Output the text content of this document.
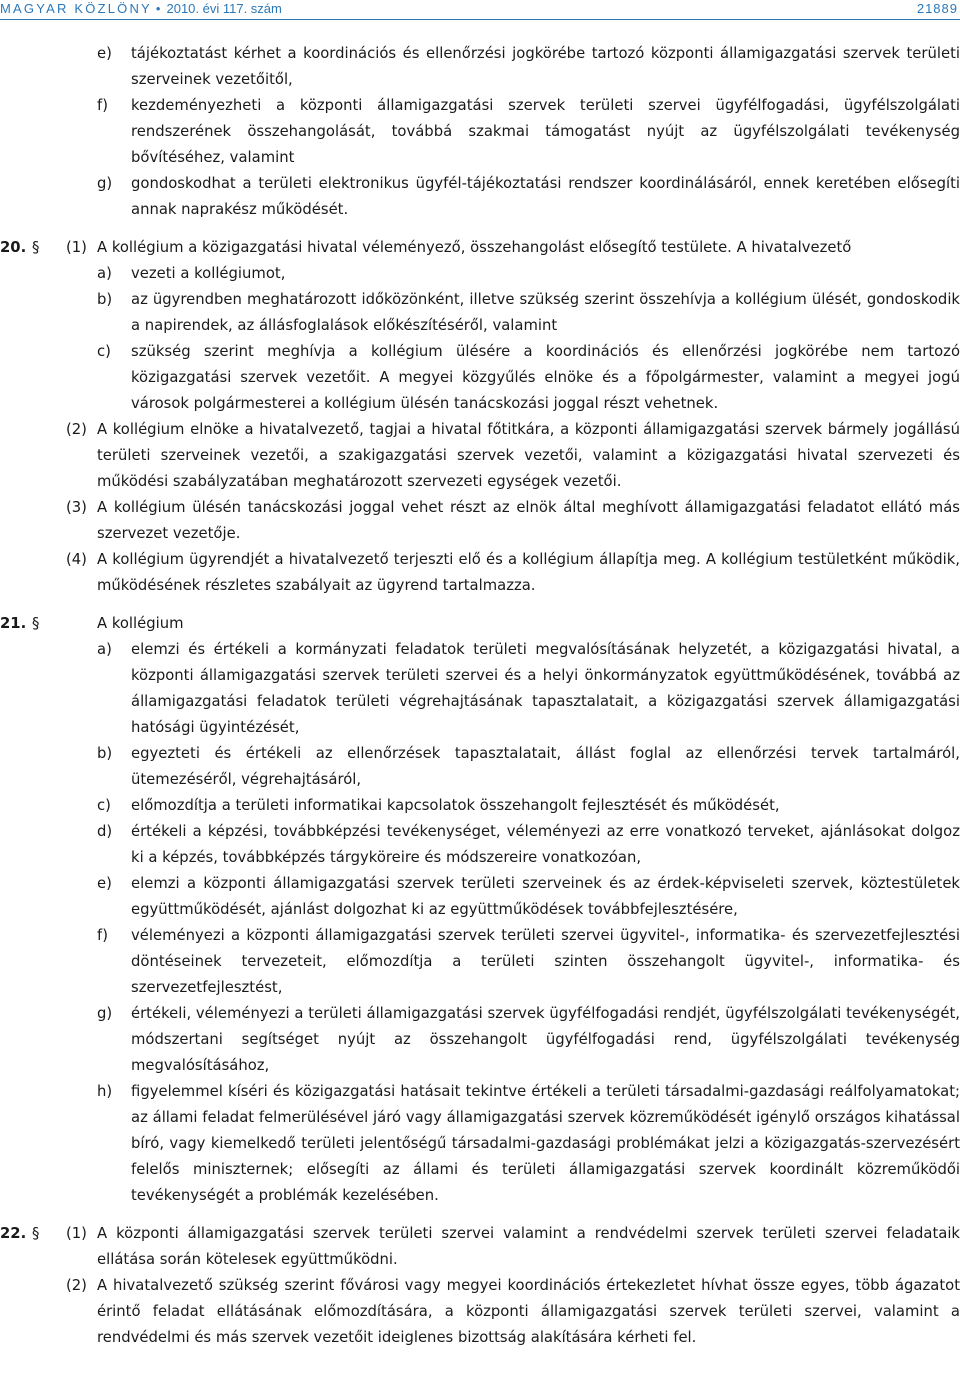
MAGYAR KÖZLÖNY • 2010. évi 117. szám	21889
e) tájékoztatást kérhet a koordinációs és ellenőrzési jogkörébe tartozó központi államigazgatási szervek területi szerveinek vezetőitől,
f) kezdeményezheti a központi államigazgatási szervek területi szervei ügyfélfogadási, ügyfélszolgálati rendszerének összehangolását, továbbá szakmai támogatást nyújt az ügyfélszolgálati tevékenység bővítéséhez, valamint
g) gondoskodhat a területi elektronikus ügyfél-tájékoztatási rendszer koordinálásáról, ennek keretében elősegíti annak naprakész működését.
20. § (1) A kollégium a közigazgatási hivatal véleményező, összehangolást elősegítő testülete. A hivatalvezető
a) vezeti a kollégiumot,
b) az ügyrendben meghatározott időközönként, illetve szükség szerint összehívja a kollégium ülését, gondoskodik a napirendek, az állásfoglalások előkészítéséről, valamint
c) szükség szerint meghívja a kollégium ülésére a koordinációs és ellenőrzési jogkörébe nem tartozó közigazgatási szervek vezetőit. A megyei közgyűlés elnöke és a főpolgármester, valamint a megyei jogú városok polgármesterei a kollégium ülésén tanácskozási joggal részt vehetnek.
(2) A kollégium elnöke a hivatalvezető, tagjai a hivatal főtitkára, a központi államigazgatási szervek bármely jogállású területi szerveinek vezetői, a szakigazgatási szervek vezetői, valamint a közigazgatási hivatal szervezeti és működési szabályzatában meghatározott szervezeti egységek vezetői.
(3) A kollégium ülésén tanácskozási joggal vehet részt az elnök által meghívott államigazgatási feladatot ellátó más szervezet vezetője.
(4) A kollégium ügyrendjét a hivatalvezető terjeszti elő és a kollégium állapítja meg. A kollégium testületként működik, működésének részletes szabályait az ügyrend tartalmazza.
21. §	A kollégium
a) elemzi és értékeli a kormányzati feladatok területi megvalósításának helyzetét, a közigazgatási hivatal, a központi államigazgatási szervek területi szervei és a helyi önkormányzatok együttműködésének, továbbá az államigazgatási feladatok területi végrehajtásának tapasztalatait, a közigazgatási szervek államigazgatási hatósági ügyintézését,
b) egyezteti és értékeli az ellenőrzések tapasztalatait, állást foglal az ellenőrzési tervek tartalmáról, ütemezéséről, végrehajtásáról,
c) előmozdítja a területi informatikai kapcsolatok összehangolt fejlesztését és működését,
d) értékeli a képzési, továbbképzési tevékenységet, véleményezi az erre vonatkozó terveket, ajánlásokat dolgoz ki a képzés, továbbképzés tárgyköreire és módszereire vonatkozóan,
e) elemzi a központi államigazgatási szervek területi szerveinek és az érdek-képviseleti szervek, köztestületek együttműködését, ajánlást dolgozhat ki az együttműködések továbbfejlesztésére,
f) véleményezi a központi államigazgatási szervek területi szervei ügyvitel-, informatika- és szervezetfejlesztési döntéseinek tervezeteit, előmozdítja a területi szinten összehangolt ügyvitel-, informatika- és szervezetfejlesztést,
g) értékeli, véleményezi a területi államigazgatási szervek ügyfélfogadási rendjét, ügyfélszolgálati tevékenységét, módszertani segítséget nyújt az összehangolt ügyfélfogadási rend, ügyfélszolgálati tevékenység megvalósításához,
h) figyelemmel kíséri és közigazgatási hatásait tekintve értékeli a területi társadalmi-gazdasági reálfolyamatokat; az állami feladat felmerülésével járó vagy államigazgatási szervek közreműködését igénylő országos kihatással bíró, vagy kiemelkedő területi jelentőségű társadalmi-gazdasági problémákat jelzi a közigazgatás-szervezésért felelős miniszternek; elősegíti az állami és területi államigazgatási szervek koordinált közreműködői tevékenységét a problémák kezelésében.
22. § (1) A központi államigazgatási szervek területi szervei valamint a rendvédelmi szervek területi szervei feladataik ellátása során kötelesek együttműködni.
(2) A hivatalvezető szükség szerint fővárosi vagy megyei koordinációs értekezletet hívhat össze egyes, több ágazatot érintő feladat ellátásának előmozdítására, a központi államigazgatási szervek területi szervei, valamint a rendvédelmi és más szervek vezetőit ideiglenes bizottság alakítására kérheti fel.
